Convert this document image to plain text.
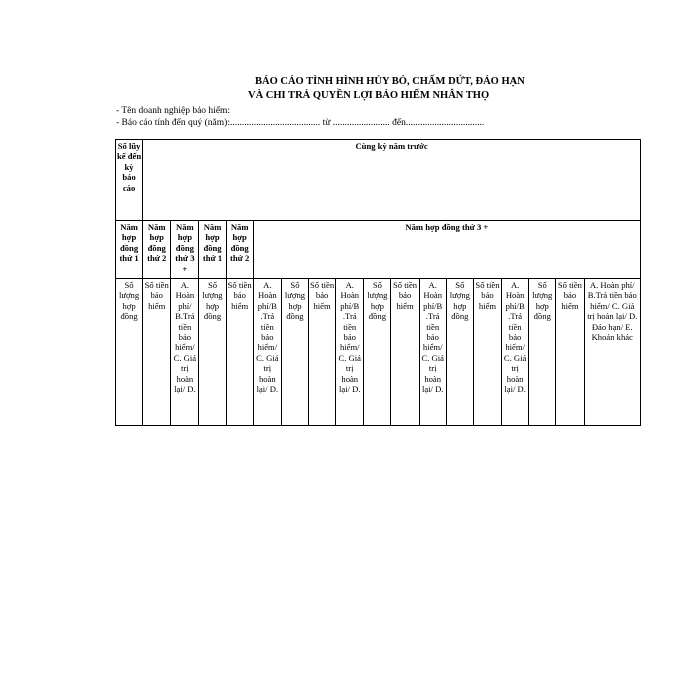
BÁO CÁO TÌNH HÌNH HỦY BỎ, CHẤM DỨT, ĐÁO HẠN
VÀ CHI TRẢ QUYỀN LỢI BẢO HIỂM NHÂN THỌ
- Tên doanh nghiệp bảo hiểm:
- Báo cáo tính đến quý (năm):...................................... từ ........................ đến.................................
Số lũy kế đến kỳ báo cáo	Cùng kỳ năm trước																
Năm hợp đồng thứ 1	Năm hợp đồng thứ 2	Năm hợp đồng thứ 3 +	Năm hợp đồng thứ 1	Năm hợp đồng thứ 2	Năm hợp đồng thứ 3 +												
Số lượng hợp đồng	Số tiền bảo hiểm	A. Hoàn phí/ B.Trả tiền bảo hiểm/ C. Giá trị hoàn lại/ D.	Số lượng hợp đồng	Số tiền bảo hiểm	A. Hoàn phí/B .Trả tiền bảo hiểm/ C. Giá trị hoàn lại/ D.	Số lượng hợp đồng	Số tiền bảo hiểm	A. Hoàn phí/B .Trả tiền bảo hiểm/ C. Giá trị hoàn lại/ D.	Số lượng hợp đồng	Số tiền bảo hiểm	A. Hoàn phí/B .Trả tiền bảo hiểm/ C. Giá trị hoàn lại/ D.	Số lượng hợp đồng	Số tiền bảo hiểm	A. Hoàn phí/B .Trả tiền bảo hiểm/ C. Giá trị hoàn lại/ D.	Số lượng hợp đồng	Số tiền bảo hiểm	A. Hoàn phí/ B.Trả tiền bảo hiểm/ C. Giá trị hoàn lại/ D. Đáo hạn/ E. Khoản khác
